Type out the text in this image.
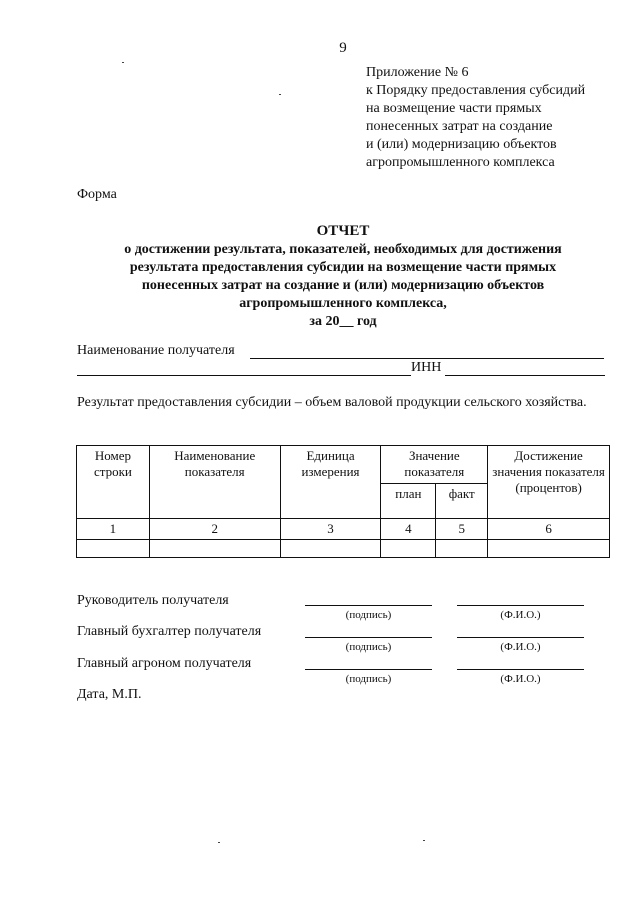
9
Приложение № 6
к Порядку предоставления субсидий
на возмещение части прямых
понесенных затрат на создание
и (или) модернизацию объектов
агропромышленного комплекса
Форма
ОТЧЕТ
о достижении результата, показателей, необходимых для достижения
результата предоставления субсидии на возмещение части прямых
понесенных затрат на создание и (или) модернизацию объектов
агропромышленного комплекса,
за 20__ год
Наименование получателя
ИНН
Результат предоставления субсидии – объем валовой продукции сельского хозяйства.
Номер строки	Наименование показателя	Единица измерения	Значение показателя		Достижение значения показателя (процентов)
			план	факт	
1	2	3	4	5	6

Руководитель получателя
(подпись)	(Ф.И.О.)
Главный бухгалтер получателя
(подпись)	(Ф.И.О.)
Главный агроном получателя
(подпись)	(Ф.И.О.)
Дата, М.П.
